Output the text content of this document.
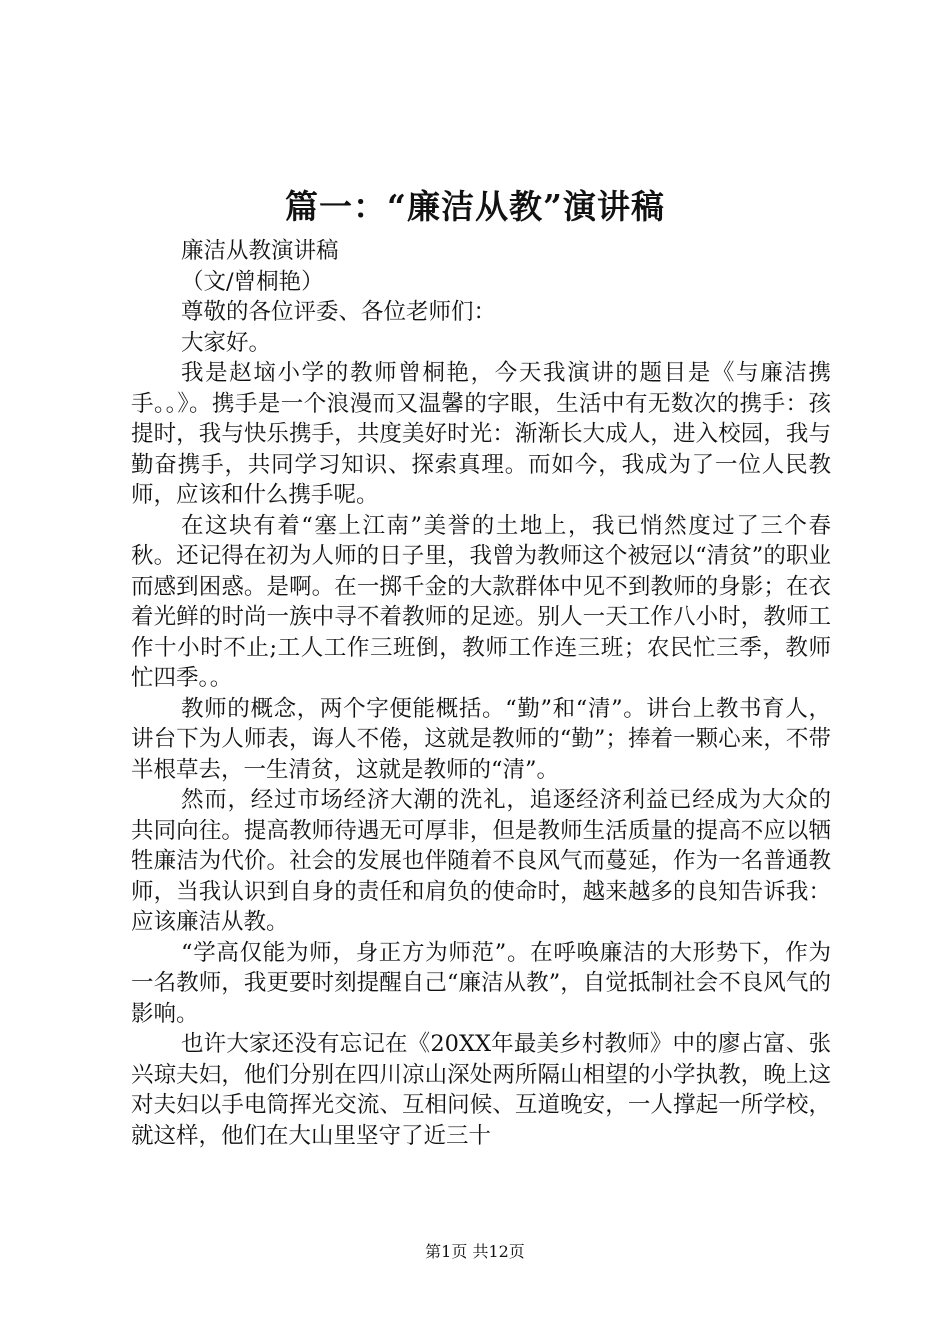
篇一：“廉洁从教”演讲稿

廉洁从教演讲稿

（文/曾桐艳）

尊敬的各位评委、各位老师们：

大家好。

我是赵垴小学的教师曾桐艳，今天我演讲的题目是《与廉洁携手。。》。携手是一个浪漫而又温馨的字眼，生活中有无数次的携手：孩提时，我与快乐携手，共度美好时光：渐渐长大成人，进入校园，我与勤奋携手，共同学习知识、探索真理。而如今，我成为了一位人民教师，应该和什么携手呢。

在这块有着“塞上江南”美誉的土地上，我已悄然度过了三个春秋。还记得在初为人师的日子里，我曾为教师这个被冠以“清贫”的职业而感到困惑。是啊。在一掷千金的大款群体中见不到教师的身影；在衣着光鲜的时尚一族中寻不着教师的足迹。别人一天工作八小时，教师工作十小时不止;工人工作三班倒，教师工作连三班；农民忙三季，教师忙四季。。

教师的概念，两个字便能概括。“勤”和“清”。讲台上教书育人，讲台下为人师表，诲人不倦，这就是教师的“勤”；捧着一颗心来，不带半根草去，一生清贫，这就是教师的“清”。

然而，经过市场经济大潮的洗礼，追逐经济利益已经成为大众的共同向往。提高教师待遇无可厚非，但是教师生活质量的提高不应以牺牲廉洁为代价。社会的发展也伴随着不良风气而蔓延，作为一名普通教师，当我认识到自身的责任和肩负的使命时，越来越多的良知告诉我：应该廉洁从教。

“学高仅能为师，身正方为师范”。在呼唤廉洁的大形势下，作为一名教师，我更要时刻提醒自己“廉洁从教”，自觉抵制社会不良风气的影响。

也许大家还没有忘记在《20XX年最美乡村教师》中的廖占富、张兴琼夫妇，他们分别在四川凉山深处两所隔山相望的小学执教，晚上这对夫妇以手电筒挥光交流、互相问候、互道晚安，一人撑起一所学校，就这样，他们在大山里坚守了近三十

第1页 共12页
